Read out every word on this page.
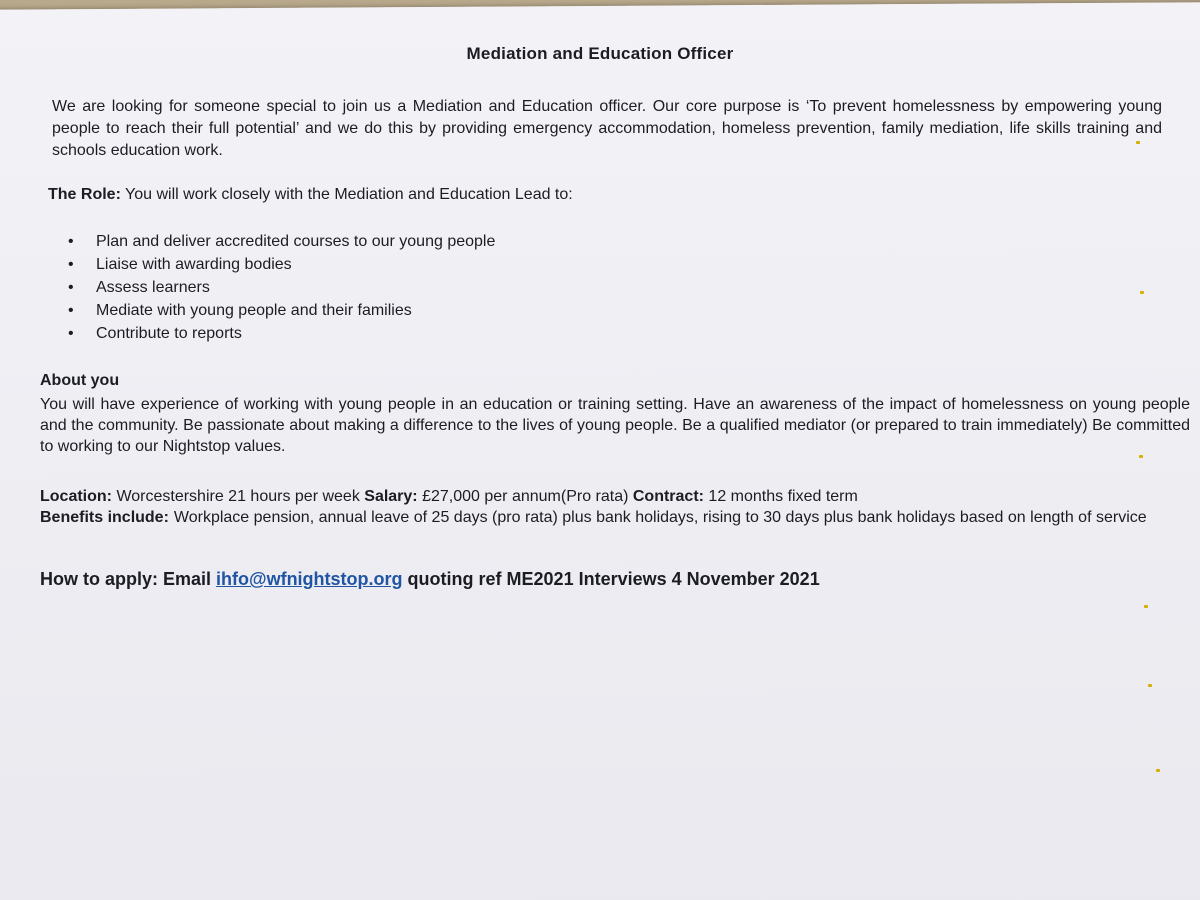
Mediation and Education Officer
We are looking for someone special to join us a Mediation and Education officer. Our core purpose is ‘To prevent homelessness by empowering young people to reach their full potential’ and we do this by providing emergency accommodation, homeless prevention, family mediation, life skills training and schools education work.
The Role: You will work closely with the Mediation and Education Lead to:
• Plan and deliver accredited courses to our young people
• Liaise with awarding bodies
• Assess learners
• Mediate with young people and their families
• Contribute to reports
About you
You will have experience of working with young people in an education or training setting. Have an awareness of the impact of homelessness on young people and the community. Be passionate about making a difference to the lives of young people. Be a qualified mediator (or prepared to train immediately) Be committed to working to our Nightstop values.
Location: Worcestershire 21 hours per week Salary: £27,000 per annum(Pro rata) Contract: 12 months fixed term
Benefits include: Workplace pension, annual leave of 25 days (pro rata) plus bank holidays, rising to 30 days plus bank holidays based on length of service
How to apply: Email ihfo@wfnightstop.org quoting ref ME2021 Interviews 4 November 2021
